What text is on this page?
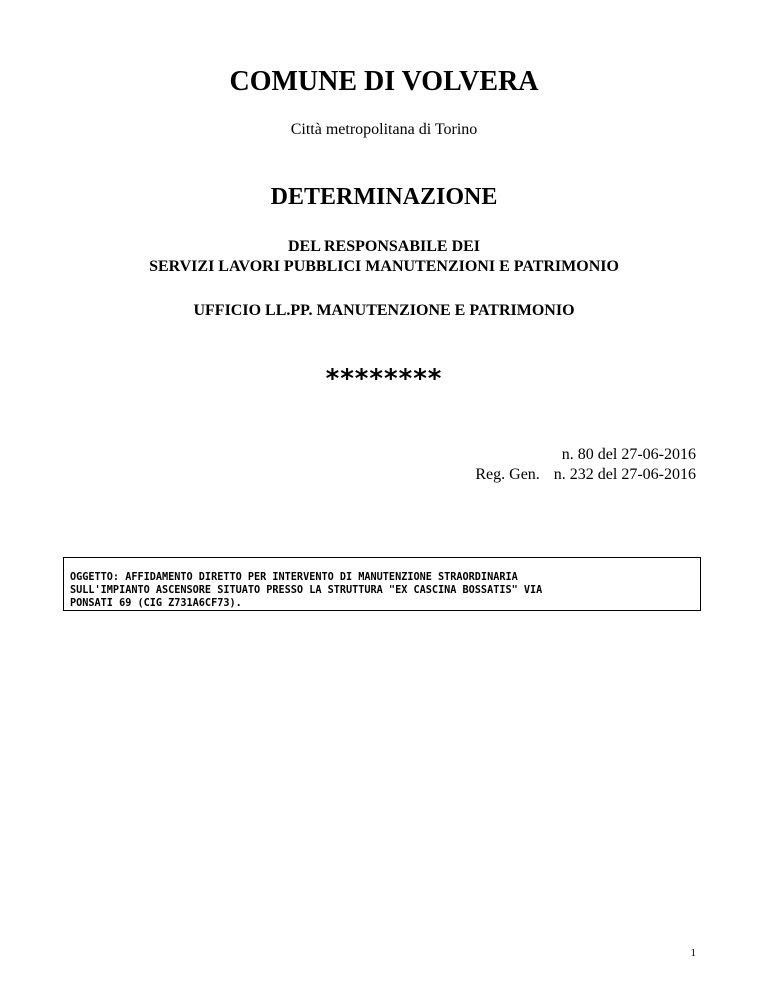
COMUNE DI VOLVERA
Città metropolitana di Torino
DETERMINAZIONE
DEL RESPONSABILE DEI
SERVIZI LAVORI PUBBLICI MANUTENZIONI E PATRIMONIO
UFFICIO LL.PP. MANUTENZIONE E PATRIMONIO
********
n. 80 del 27-06-2016
Reg. Gen. n. 232 del 27-06-2016
OGGETTO: AFFIDAMENTO DIRETTO PER INTERVENTO DI MANUTENZIONE STRAORDINARIA
SULL'IMPIANTO ASCENSORE SITUATO PRESSO LA STRUTTURA "EX CASCINA BOSSATIS" VIA
PONSATI 69 (CIG Z731A6CF73).
1
